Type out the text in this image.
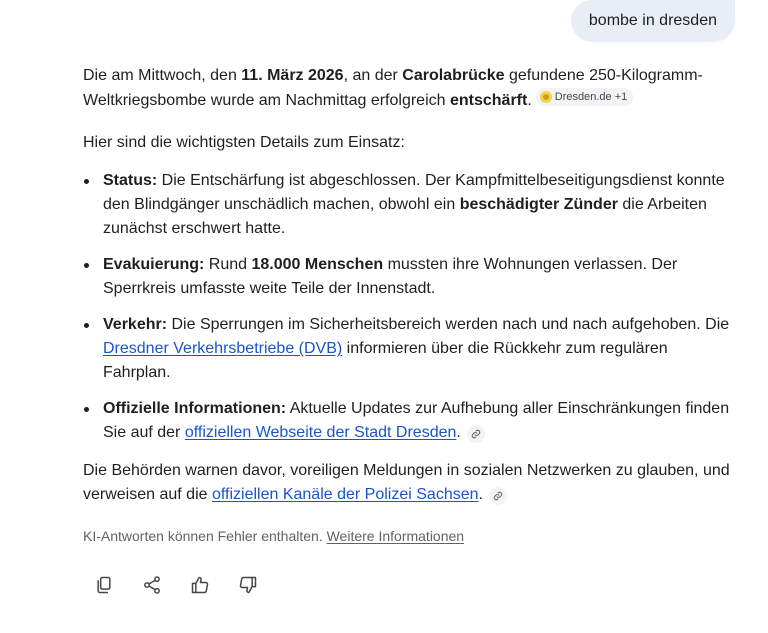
bombe in dresden

Die am Mittwoch, den 11. März 2026, an der Carolabrücke gefundene 250-Kilogramm-Weltkriegsbombe wurde am Nachmittag erfolgreich entschärft. Dresden.de +1

Hier sind die wichtigsten Details zum Einsatz:

Status: Die Entschärfung ist abgeschlossen. Der Kampfmittelbeseitigungsdienst konnte den Blindgänger unschädlich machen, obwohl ein beschädigter Zünder die Arbeiten zunächst erschwert hatte.
Evakuierung: Rund 18.000 Menschen mussten ihre Wohnungen verlassen. Der Sperrkreis umfasste weite Teile der Innenstadt.
Verkehr: Die Sperrungen im Sicherheitsbereich werden nach und nach aufgehoben. Die Dresdner Verkehrsbetriebe (DVB) informieren über die Rückkehr zum regulären Fahrplan.
Offizielle Informationen: Aktuelle Updates zur Aufhebung aller Einschränkungen finden Sie auf der offiziellen Webseite der Stadt Dresden.

Die Behörden warnen davor, voreiligen Meldungen in sozialen Netzwerken zu glauben, und verweisen auf die offiziellen Kanäle der Polizei Sachsen.

KI-Antworten können Fehler enthalten. Weitere Informationen
